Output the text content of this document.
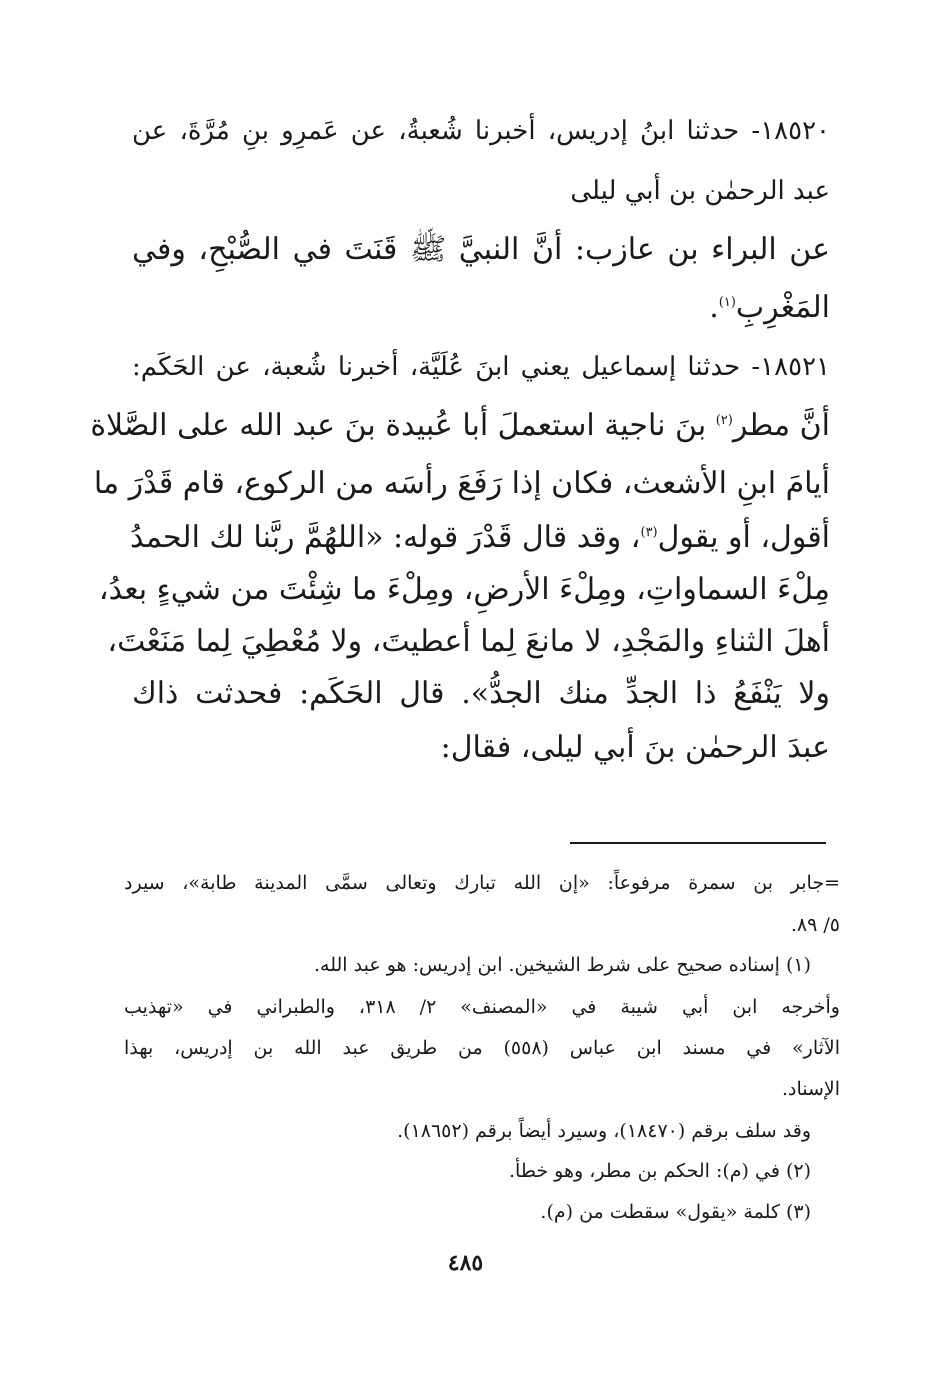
١٨٥٢٠- حدثنا ابنُ إدريس، أخبرنا شُعبةُ، عن عَمرِو بنِ مُرَّةَ، عن

عبد الرحمٰن بن أبي ليلى

عن البراء بن عازب: أنَّ النبيَّ ﷺ قَنَتَ في الصُّبْحِ، وفي

المَغْرِبِ$^{(١)}$.

١٨٥٢١- حدثنا إسماعيل يعني ابنَ عُلَيَّة، أخبرنا شُعبة، عن الحَكَم:

أنَّ مطر$^{(٢)}$ بنَ ناجية استعملَ أبا عُبيدة بنَ عبد الله على الصَّلاة

أيامَ ابنِ الأشعث، فكان إذا رَفَعَ رأسَه من الركوع، قام قَدْرَ ما

أقول، أو يقول$^{(٣)}$، وقد قال قَدْرَ قوله: «اللهُمَّ ربَّنا لك الحمدُ

مِلْءَ السماواتِ، ومِلْءَ الأرضِ، ومِلْءَ ما شِئْتَ من شيءٍ بعدُ،

أهلَ الثناءِ والمَجْدِ، لا مانعَ لِما أعطيتَ، ولا مُعْطِيَ لِما مَنَعْتَ،

ولا يَنْفَعُ ذا الجدِّ منك الجدُّ». قال الحَكَم: فحدثت ذاك

عبدَ الرحمٰن بنَ أبي ليلى، فقال:

=جابر بن سمرة مرفوعاً: «إن الله تبارك وتعالى سمَّى المدينة طابة»، سيرد

٥/ ٨٩.

(١) إسناده صحيح على شرط الشيخين. ابن إدريس: هو عبد الله.

وأخرجه ابن أبي شيبة في «المصنف» ٢/ ٣١٨، والطبراني في «تهذيب

الآثار» في مسند ابن عباس (٥٥٨) من طريق عبد الله بن إدريس، بهذا

الإسناد.

وقد سلف برقم (١٨٤٧٠)، وسيرد أيضاً برقم (١٨٦٥٢).

(٢) في (م): الحكم بن مطر، وهو خطأ.

(٣) كلمة «يقول» سقطت من (م).

٤٨٥
